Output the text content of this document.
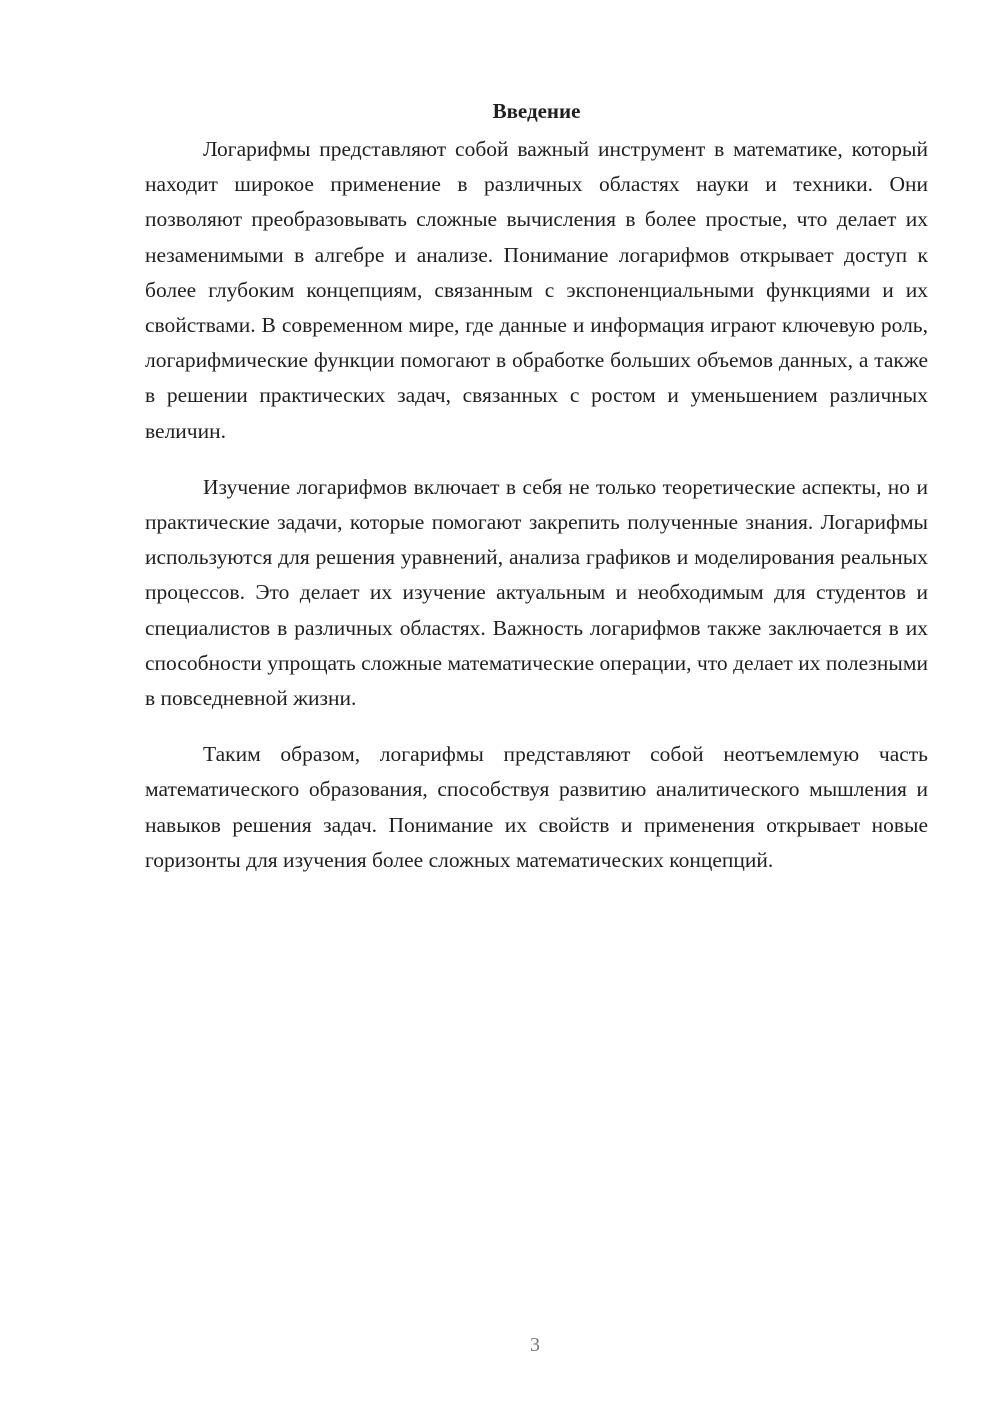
Введение

Логарифмы представляют собой важный инструмент в математике, который находит широкое применение в различных областях науки и техники. Они позволяют преобразовывать сложные вычисления в более простые, что делает их незаменимыми в алгебре и анализе. Понимание логарифмов открывает доступ к более глубоким концепциям, связанным с экспоненциальными функциями и их свойствами. В современном мире, где данные и информация играют ключевую роль, логарифмические функции помогают в обработке больших объемов данных, а также в решении практических задач, связанных с ростом и уменьшением различных величин.

Изучение логарифмов включает в себя не только теоретические аспекты, но и практические задачи, которые помогают закрепить полученные знания. Логарифмы используются для решения уравнений, анализа графиков и моделирования реальных процессов. Это делает их изучение актуальным и необходимым для студентов и специалистов в различных областях. Важность логарифмов также заключается в их способности упрощать сложные математические операции, что делает их полезными в повседневной жизни.

Таким образом, логарифмы представляют собой неотъемлемую часть математического образования, способствуя развитию аналитического мышления и навыков решения задач. Понимание их свойств и применения открывает новые горизонты для изучения более сложных математических концепций.

3
